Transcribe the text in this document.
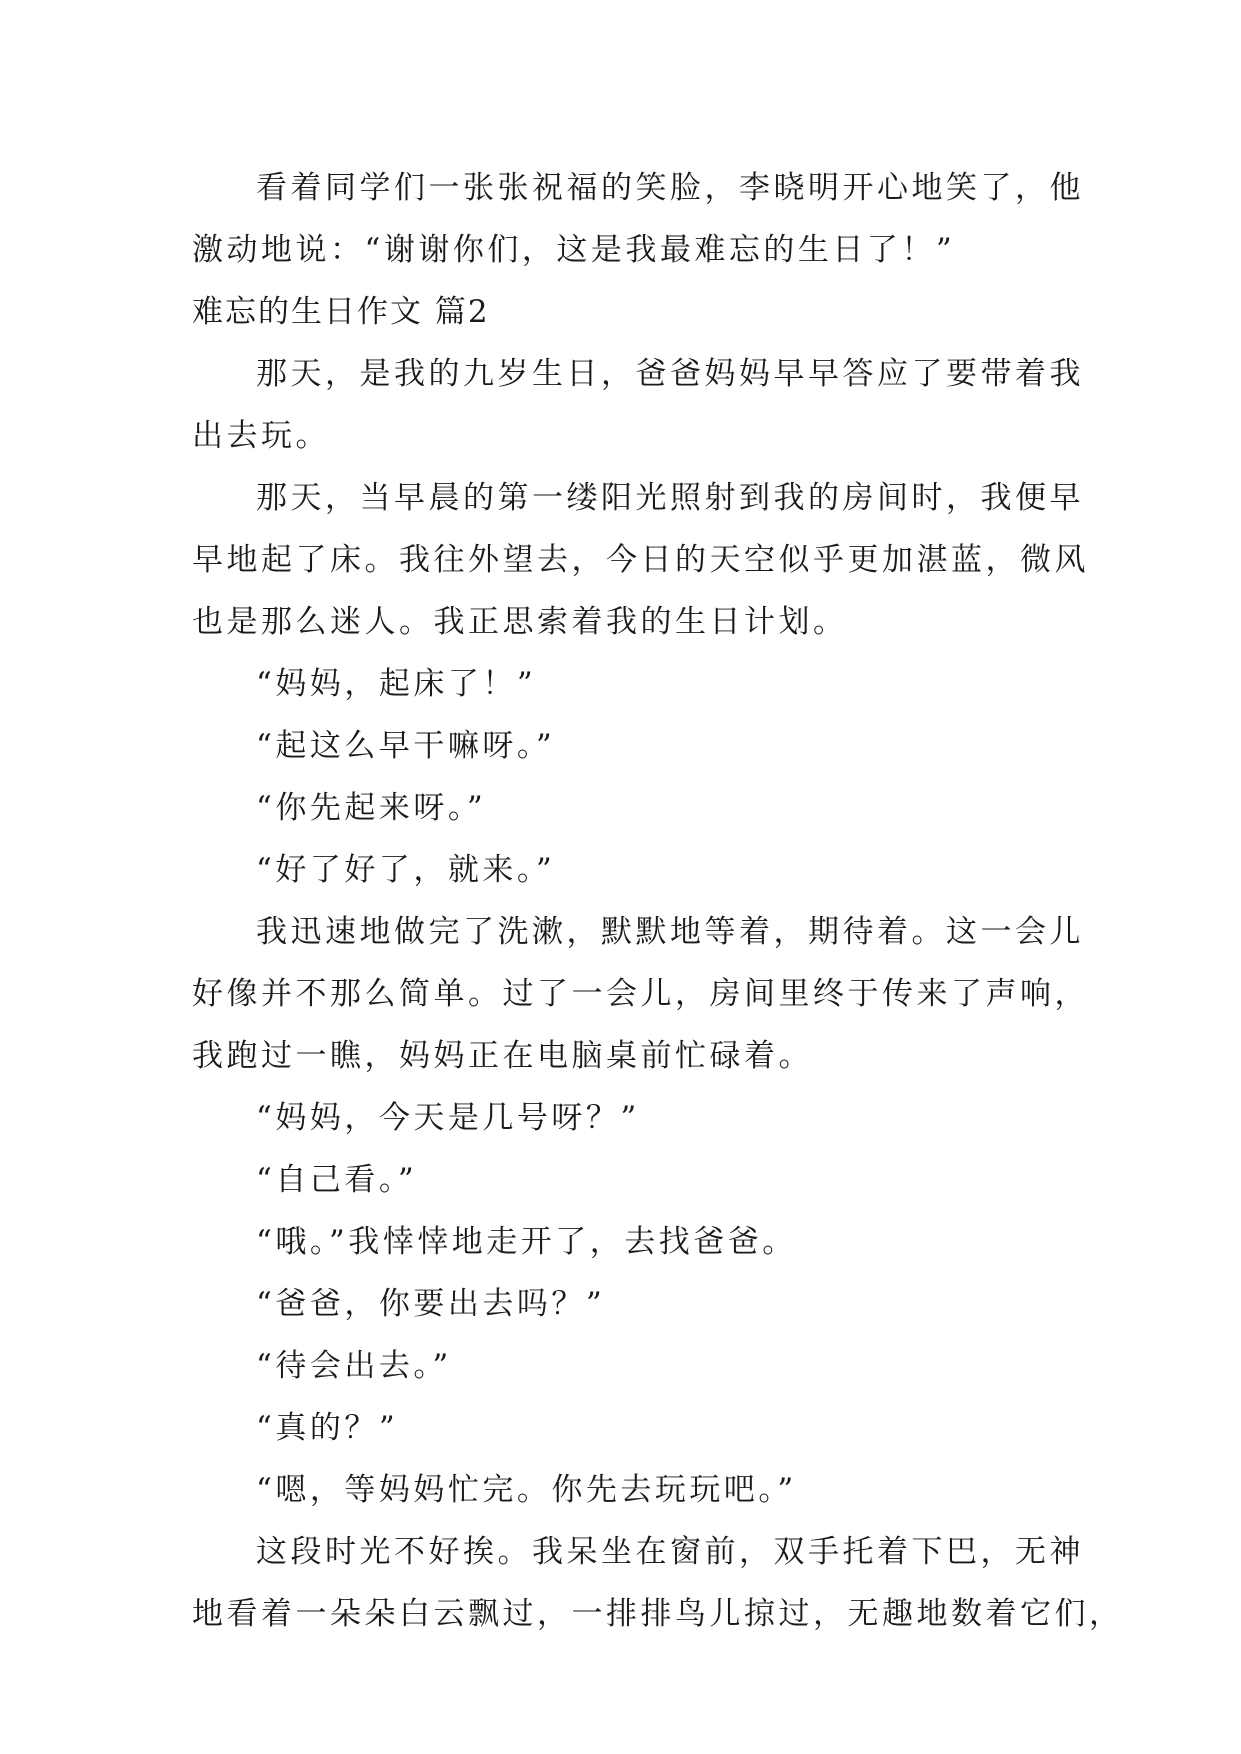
看着同学们一张张祝福的笑脸，李晓明开心地笑了，他
激动地说：“谢谢你们，这是我最难忘的生日了！”
难忘的生日作文 篇2
那天，是我的九岁生日，爸爸妈妈早早答应了要带着我
出去玩。
那天，当早晨的第一缕阳光照射到我的房间时，我便早
早地起了床。我往外望去，今日的天空似乎更加湛蓝，微风
也是那么迷人。我正思索着我的生日计划。
“妈妈，起床了！”
“起这么早干嘛呀。”
“你先起来呀。”
“好了好了，就来。”
我迅速地做完了洗漱，默默地等着，期待着。这一会儿
好像并不那么简单。过了一会儿，房间里终于传来了声响，
我跑过一瞧，妈妈正在电脑桌前忙碌着。
“妈妈，今天是几号呀？”
“自己看。”
“哦。”我悻悻地走开了，去找爸爸。
“爸爸，你要出去吗？”
“待会出去。”
“真的？”
“嗯，等妈妈忙完。你先去玩玩吧。”
这段时光不好挨。我呆坐在窗前，双手托着下巴，无神
地看着一朵朵白云飘过，一排排鸟儿掠过，无趣地数着它们，
